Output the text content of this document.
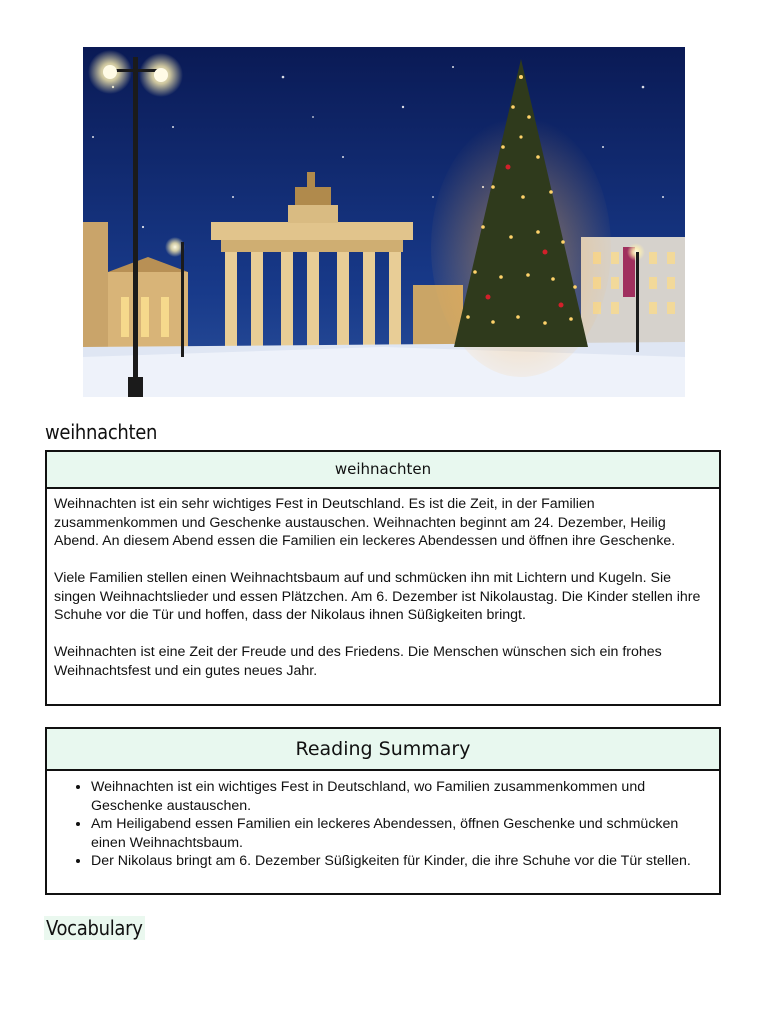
weihnachten
weihnachten

Weihnachten ist ein sehr wichtiges Fest in Deutschland. Es ist die Zeit, in der Familien zusammenkommen und Geschenke austauschen. Weihnachten beginnt am 24. Dezember, Heilig Abend. An diesem Abend essen die Familien ein leckeres Abendessen und öffnen ihre Geschenke.

Viele Familien stellen einen Weihnachtsbaum auf und schmücken ihn mit Lichtern und Kugeln. Sie singen Weihnachtslieder und essen Plätzchen. Am 6. Dezember ist Nikolaustag. Die Kinder stellen ihre Schuhe vor die Tür und hoffen, dass der Nikolaus ihnen Süßigkeiten bringt.

Weihnachten ist eine Zeit der Freude und des Friedens. Die Menschen wünschen sich ein frohes Weihnachtsfest und ein gutes neues Jahr.

Reading Summary
• Weihnachten ist ein wichtiges Fest in Deutschland, wo Familien zusammenkommen und Geschenke austauschen.
• Am Heiligabend essen Familien ein leckeres Abendessen, öffnen Geschenke und schmücken einen Weihnachtsbaum.
• Der Nikolaus bringt am 6. Dezember Süßigkeiten für Kinder, die ihre Schuhe vor die Tür stellen.
Vocabulary
